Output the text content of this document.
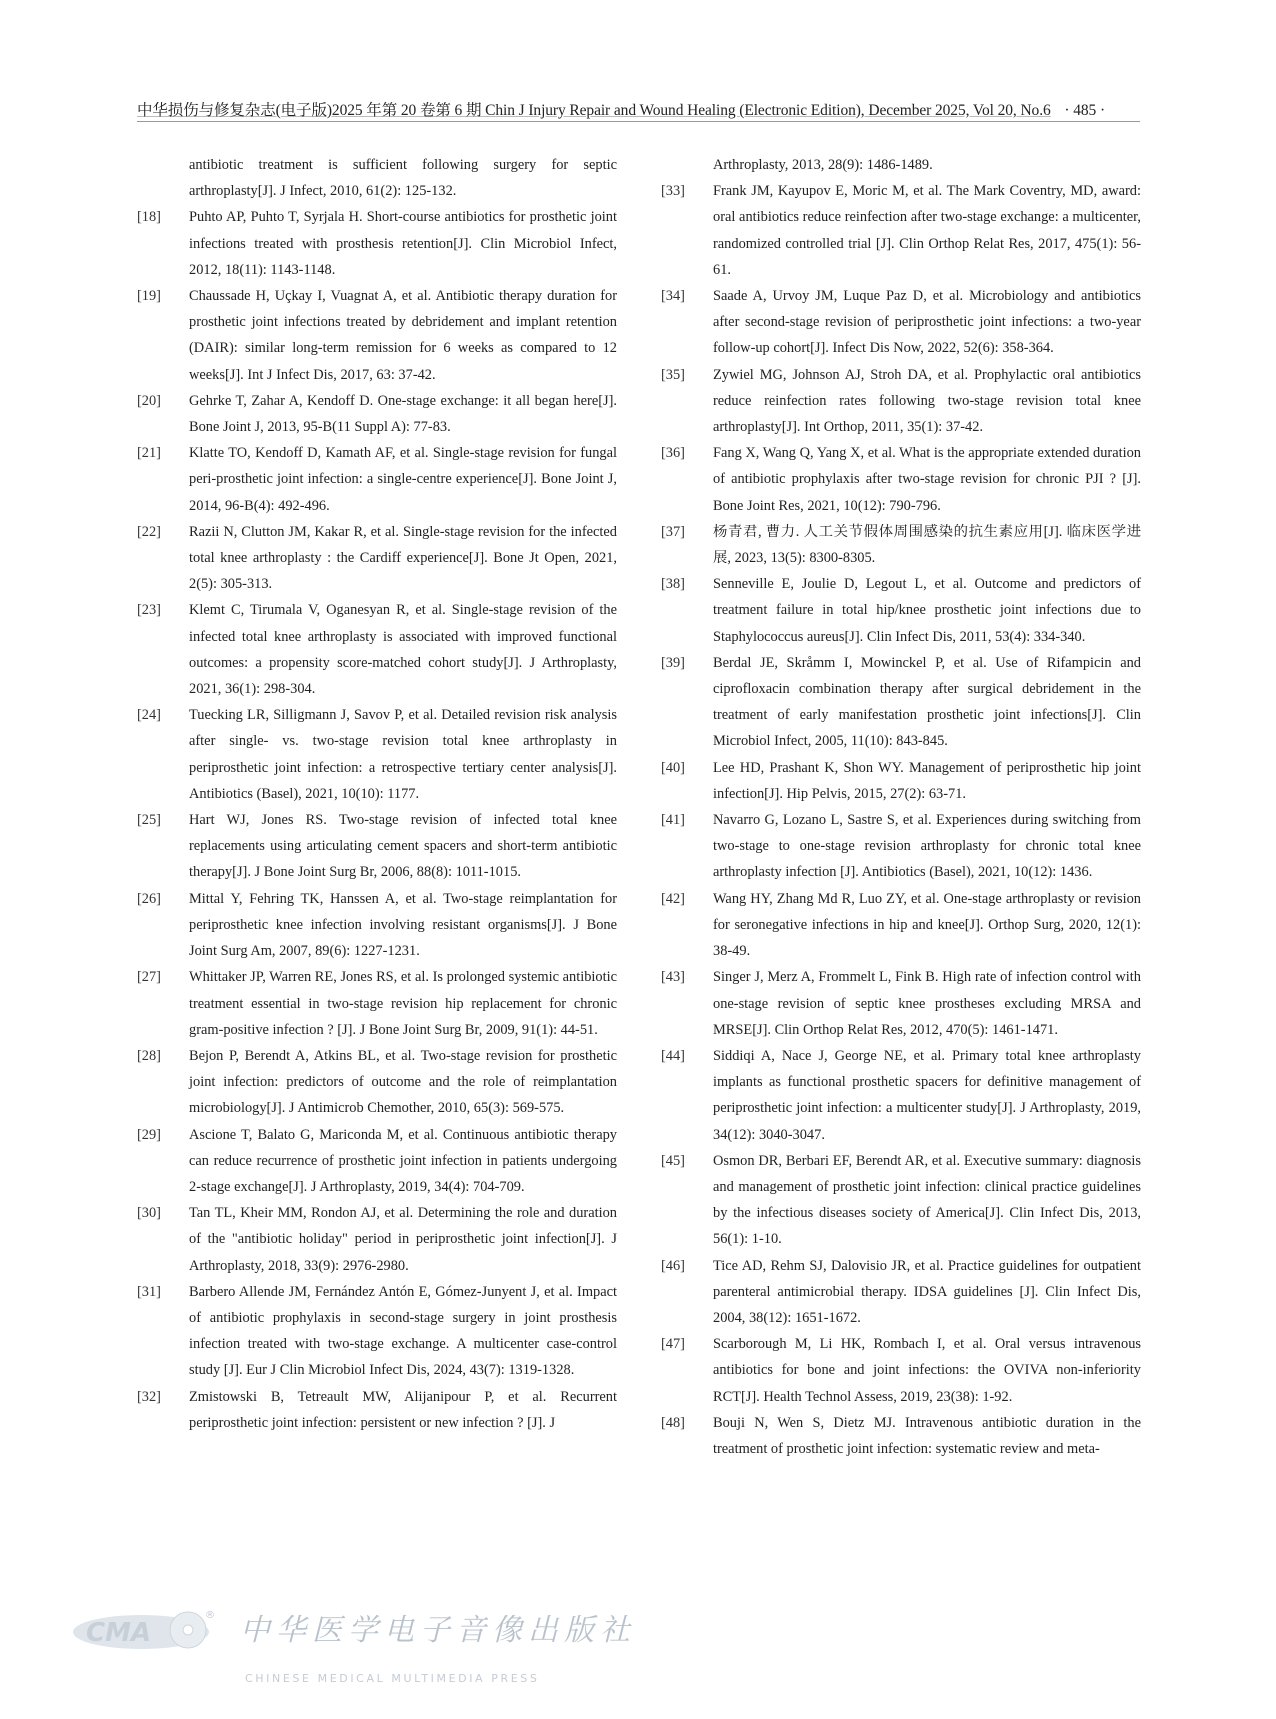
中华损伤与修复杂志(电子版)2025 年第 20 卷第 6 期 Chin J Injury Repair and Wound Healing (Electronic Edition), December 2025, Vol 20, No.6 · 485 ·
antibiotic treatment is sufficient following surgery for septic arthroplasty[J]. J Infect, 2010, 61(2): 125-132.
[18]	Puhto AP, Puhto T, Syrjala H. Short-course antibiotics for prosthetic joint infections treated with prosthesis retention[J]. Clin Microbiol Infect, 2012, 18(11): 1143-1148.
[19]	Chaussade H, Uçkay I, Vuagnat A, et al. Antibiotic therapy duration for prosthetic joint infections treated by debridement and implant retention (DAIR): similar long-term remission for 6 weeks as compared to 12 weeks[J]. Int J Infect Dis, 2017, 63: 37-42.
[20]	Gehrke T, Zahar A, Kendoff D. One-stage exchange: it all began here[J]. Bone Joint J, 2013, 95-B(11 Suppl A): 77-83.
[21]	Klatte TO, Kendoff D, Kamath AF, et al. Single-stage revision for fungal peri-prosthetic joint infection: a single-centre experience[J]. Bone Joint J, 2014, 96-B(4): 492-496.
[22]	Razii N, Clutton JM, Kakar R, et al. Single-stage revision for the infected total knee arthroplasty : the Cardiff experience[J]. Bone Jt Open, 2021, 2(5): 305-313.
[23]	Klemt C, Tirumala V, Oganesyan R, et al. Single-stage revision of the infected total knee arthroplasty is associated with improved functional outcomes: a propensity score-matched cohort study[J]. J Arthroplasty, 2021, 36(1): 298-304.
[24]	Tuecking LR, Silligmann J, Savov P, et al. Detailed revision risk analysis after single- vs. two-stage revision total knee arthroplasty in periprosthetic joint infection: a retrospective tertiary center analysis[J]. Antibiotics (Basel), 2021, 10(10): 1177.
[25]	Hart WJ, Jones RS. Two-stage revision of infected total knee replacements using articulating cement spacers and short-term antibiotic therapy[J]. J Bone Joint Surg Br, 2006, 88(8): 1011-1015.
[26]	Mittal Y, Fehring TK, Hanssen A, et al. Two-stage reimplantation for periprosthetic knee infection involving resistant organisms[J]. J Bone Joint Surg Am, 2007, 89(6): 1227-1231.
[27]	Whittaker JP, Warren RE, Jones RS, et al. Is prolonged systemic antibiotic treatment essential in two-stage revision hip replacement for chronic gram-positive infection ? [J]. J Bone Joint Surg Br, 2009, 91(1): 44-51.
[28]	Bejon P, Berendt A, Atkins BL, et al. Two-stage revision for prosthetic joint infection: predictors of outcome and the role of reimplantation microbiology[J]. J Antimicrob Chemother, 2010, 65(3): 569-575.
[29]	Ascione T, Balato G, Mariconda M, et al. Continuous antibiotic therapy can reduce recurrence of prosthetic joint infection in patients undergoing 2-stage exchange[J]. J Arthroplasty, 2019, 34(4): 704-709.
[30]	Tan TL, Kheir MM, Rondon AJ, et al. Determining the role and duration of the "antibiotic holiday" period in periprosthetic joint infection[J]. J Arthroplasty, 2018, 33(9): 2976-2980.
[31]	Barbero Allende JM, Fernández Antón E, Gómez-Junyent J, et al. Impact of antibiotic prophylaxis in second-stage surgery in joint prosthesis infection treated with two-stage exchange. A multicenter case-control study [J]. Eur J Clin Microbiol Infect Dis, 2024, 43(7): 1319-1328.
[32]	Zmistowski B, Tetreault MW, Alijanipour P, et al. Recurrent periprosthetic joint infection: persistent or new infection ? [J]. J
Arthroplasty, 2013, 28(9): 1486-1489.
[33]	Frank JM, Kayupov E, Moric M, et al. The Mark Coventry, MD, award: oral antibiotics reduce reinfection after two-stage exchange: a multicenter, randomized controlled trial [J]. Clin Orthop Relat Res, 2017, 475(1): 56-61.
[34]	Saade A, Urvoy JM, Luque Paz D, et al. Microbiology and antibiotics after second-stage revision of periprosthetic joint infections: a two-year follow-up cohort[J]. Infect Dis Now, 2022, 52(6): 358-364.
[35]	Zywiel MG, Johnson AJ, Stroh DA, et al. Prophylactic oral antibiotics reduce reinfection rates following two-stage revision total knee arthroplasty[J]. Int Orthop, 2011, 35(1): 37-42.
[36]	Fang X, Wang Q, Yang X, et al. What is the appropriate extended duration of antibiotic prophylaxis after two-stage revision for chronic PJI ? [J]. Bone Joint Res, 2021, 10(12): 790-796.
[37]	杨青君, 曹力. 人工关节假体周围感染的抗生素应用[J]. 临床医学进展, 2023, 13(5): 8300-8305.
[38]	Senneville E, Joulie D, Legout L, et al. Outcome and predictors of treatment failure in total hip/knee prosthetic joint infections due to Staphylococcus aureus[J]. Clin Infect Dis, 2011, 53(4): 334-340.
[39]	Berdal JE, Skråmm I, Mowinckel P, et al. Use of Rifampicin and ciprofloxacin combination therapy after surgical debridement in the treatment of early manifestation prosthetic joint infections[J]. Clin Microbiol Infect, 2005, 11(10): 843-845.
[40]	Lee HD, Prashant K, Shon WY. Management of periprosthetic hip joint infection[J]. Hip Pelvis, 2015, 27(2): 63-71.
[41]	Navarro G, Lozano L, Sastre S, et al. Experiences during switching from two-stage to one-stage revision arthroplasty for chronic total knee arthroplasty infection [J]. Antibiotics (Basel), 2021, 10(12): 1436.
[42]	Wang HY, Zhang Md R, Luo ZY, et al. One-stage arthroplasty or revision for seronegative infections in hip and knee[J]. Orthop Surg, 2020, 12(1): 38-49.
[43]	Singer J, Merz A, Frommelt L, Fink B. High rate of infection control with one-stage revision of septic knee prostheses excluding MRSA and MRSE[J]. Clin Orthop Relat Res, 2012, 470(5): 1461-1471.
[44]	Siddiqi A, Nace J, George NE, et al. Primary total knee arthroplasty implants as functional prosthetic spacers for definitive management of periprosthetic joint infection: a multicenter study[J]. J Arthroplasty, 2019, 34(12): 3040-3047.
[45]	Osmon DR, Berbari EF, Berendt AR, et al. Executive summary: diagnosis and management of prosthetic joint infection: clinical practice guidelines by the infectious diseases society of America[J]. Clin Infect Dis, 2013, 56(1): 1-10.
[46]	Tice AD, Rehm SJ, Dalovisio JR, et al. Practice guidelines for outpatient parenteral antimicrobial therapy. IDSA guidelines [J]. Clin Infect Dis, 2004, 38(12): 1651-1672.
[47]	Scarborough M, Li HK, Rombach I, et al. Oral versus intravenous antibiotics for bone and joint infections: the OVIVA non-inferiority RCT[J]. Health Technol Assess, 2019, 23(38): 1-92.
[48]	Bouji N, Wen S, Dietz MJ. Intravenous antibiotic duration in the treatment of prosthetic joint infection: systematic review and meta-
CMA
® 中华医学电子音像出版社
CHINESE MEDICAL MULTIMEDIA PRESS
